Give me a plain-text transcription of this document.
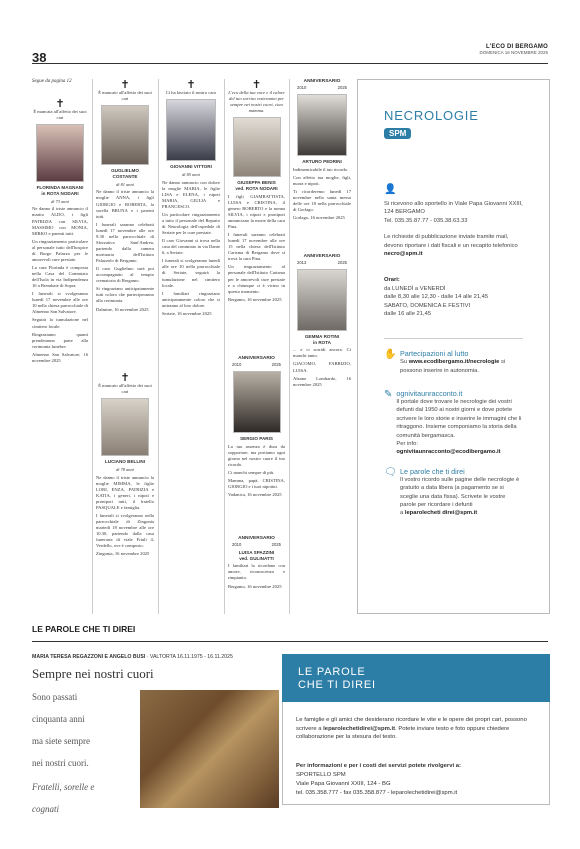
38
L'ECO DI BERGAMO
DOMENICA 16 NOVEMBRE 2025
Segue da pagina 12
✝

È mancata all'affetto dei suoi cari

FLORINDA MAGNANI
in ROTA NODARI
di 73 anni

Ne danno il triste annuncio il marito ALDO, i figli PATRIZIA con SILVIA, MASSIMO con MONIA, MIRKO e parenti tutti.

Un ringraziamento particolare al personale tutto dell'hospice di Borgo Palazzo per le amorevoli cure prestate.

La cara Florinda è composta nella Casa del Commiato dell'Isola in via Indipendenza 16 a Brembate di Sopra.

I funerali si svolgeranno lunedì 17 novembre alle ore 10 nella chiesa parrocchiale di Almenno San Salvatore.

Seguirà la tumulazione nel cimitero locale.

Ringraziamo quanti prenderanno parte alla cerimonia funebre.

Almenno San Salvatore, 16 novembre 2025

✝

È mancato all'affetto dei suoi cari

GUGLIELMO
COSTANTE
di 81 anni

Ne danno il triste annuncio la moglie ANNA, i figli GIORGIO e ROBERTA, la sorella BRUNA e i parenti tutti.

I funerali saranno celebrati lunedì 17 novembre alle ore 9.30 nella parrocchiale di Sforzatica Sant'Andrea, partendo dalla camera mortuaria dell'Istituto Palazzolo di Bergamo.

Il caro Guglielmo sarà poi accompagnato al tempio crematorio di Bergamo.

Si ringraziano anticipatamente tutti coloro che parteciperanno alla cerimonia.

Dalmine, 16 novembre 2025

✝

È mancato all'affetto dei suoi cari

LUCIANO BELLINI
di 78 anni

Ne danno il triste annuncio la moglie MIMMA, le figlie LORI, ENZA, PATRIZIA e KATIA, i generi, i nipoti e pronipoti tutti, il fratello PASQUALE e famiglia.

I funerali si svolgeranno nella parrocchiale di Zingonia martedì 18 novembre alle ore 10.30, partendo dalla casa funeraria di viale Friuli 4, Verdello, ove è composto.

Zingonia, 16 novembre 2025

✝

Ci ha lasciato il nostro caro

GIOVANNI VITTORI
di 85 anni

Ne danno annuncio con dolore la moglie MARIA, le figlie LISA e ELENA, i nipoti MARIA, GIULIA e FRANCESCO.

Un particolare ringraziamento a tutto il personale del Reparto di Neurologia dell'ospedale di Seriate per le cure prestate.

Il caro Giovanni si trova nella casa del commiato in via Dante 6, a Seriate.

I funerali si svolgeranno lunedì alle ore 10 nella parrocchiale di Seriate, seguirà la tumulazione nel cimitero locale.

I familiari ringraziano anticipatamente coloro che si uniranno al loro dolore.

Seriate, 16 novembre 2025

✝

L'eco della tua voce e il calore del tuo sorriso resteranno per sempre nei nostri cuori, ciao mamma.

GIUSEPPA BENIS
ved. ROTA NODARI

I figli GIAMBATTISTA, LUISA e CRISTINA, il genero ROBERTO e la nonna SILVIA, i nipoti e pronipoti annunciano la morte della cara Pina.

I funerali saranno celebrati lunedì 17 novembre alle ore 15 nella chiesa dell'Istituto Carisma di Bergamo dove si trova la cara Pina.

Un ringraziamento al personale dell'Istituto Carisma per le amorevoli cure prestate e a chiunque ci è vicino in questo momento.

Bergamo, 16 novembre 2025

ANNIVERSARIO
2010	2025
SERGIO PARIS

La tua assenza è dura da sopportare, ma portiamo ogni giorno nel nostro cuore il tuo ricordo.

Ci manchi sempre di più.

Mamma, papà, CRISTINA, GIORGIO e i tuoi nipotini.

Vadanica, 16 novembre 2025

ANNIVERSARIO
2010	2025
LUISA SPAZZINI
ved. GULINATTI

I familiari la ricordano con amore, riconoscenza e rimpianto.

Bergamo, 16 novembre 2025

ANNIVERSARIO
2010	2025
ARTURO PEDRINI

Indimenticabile il tuo ricordo.

Con affetto tua moglie, figli, nuora e nipoti.

Ti ricorderemo lunedì 17 novembre nella santa messa delle ore 18 nella parrocchiale di Gorlago.

Gorlago, 16 novembre 2025

ANNIVERSARIO
2013	2025
GEMMA ROTINI
in ROTA

... e ci sorridi ancora. Ci manchi tanto.

GIACOMO, FABRIZIO, LUISA.

Alzano Lombardo, 16 novembre 2025

NECROLOGIE
SPM
👤
Si ricevono allo sportello in Viale Papa Giovanni XXIII, 124 BERGAMO
Tel. 035.35.87.77 - 035.38.63.33
Le richieste di pubblicazione inviate tramite mail, devono riportare i dati fiscali e un recapito telefonico
necro@spm.it
Orari:
da LUNEDÌ a VENERDÌ
dalle 8,30 alle 12,30 - dalle 14 alle 21,45
SABATO, DOMENICA E FESTIVI
dalle 16 alle 21,45
✋ Partecipazioni al lutto
Su www.ecodibergamo.it/necrologie si possono inserire in autonomia.
✎ ognivitaunracconto.it
Il portale dove trovare le necrologie dei vostri defunti dal 1950 ai nostri giorni e dove potete scrivere le loro storie e inserire le immagini che li ritraggono. Insieme componiamo la storia della comunità bergamasca.
Per info:
ognivitaunracconto@ecodibergamo.it
🗨 Le parole che ti direi
Il vostro ricordo sulle pagine delle necrologie è gratuito a data libera (a pagamento se si sceglie una data fissa). Scrivete le vostre parole per ricordare i defunti
a leparolecheti direi@spm.it
LE PAROLE CHE TI DIREI
MARIA TERESA REGAZZONI E ANGELO BUSI · VALTORTA 16.11.1975 - 16.11.2025
Sempre nei nostri cuori
Sono passati
cinquanta anni
ma siete sempre
nei nostri cuori.
Fratelli, sorelle e
cognati
LE PAROLE
CHE TI DIREI
Le famiglie e gli amici che desiderano ricordare le vite e le opere dei propri cari, possono scrivere a leparolechetidirei@spm.it. Potete inviare testo e foto oppure chiedere collaborazione per la stesura del testo.
Per informazioni e per i costi dei servizi potete rivolgervi a:
SPORTELLO SPM
Viale Papa Giovanni XXIII, 124 - BG
tel. 035.358.777 - fax 035.358.877 - leparolechetidirei@spm.it
